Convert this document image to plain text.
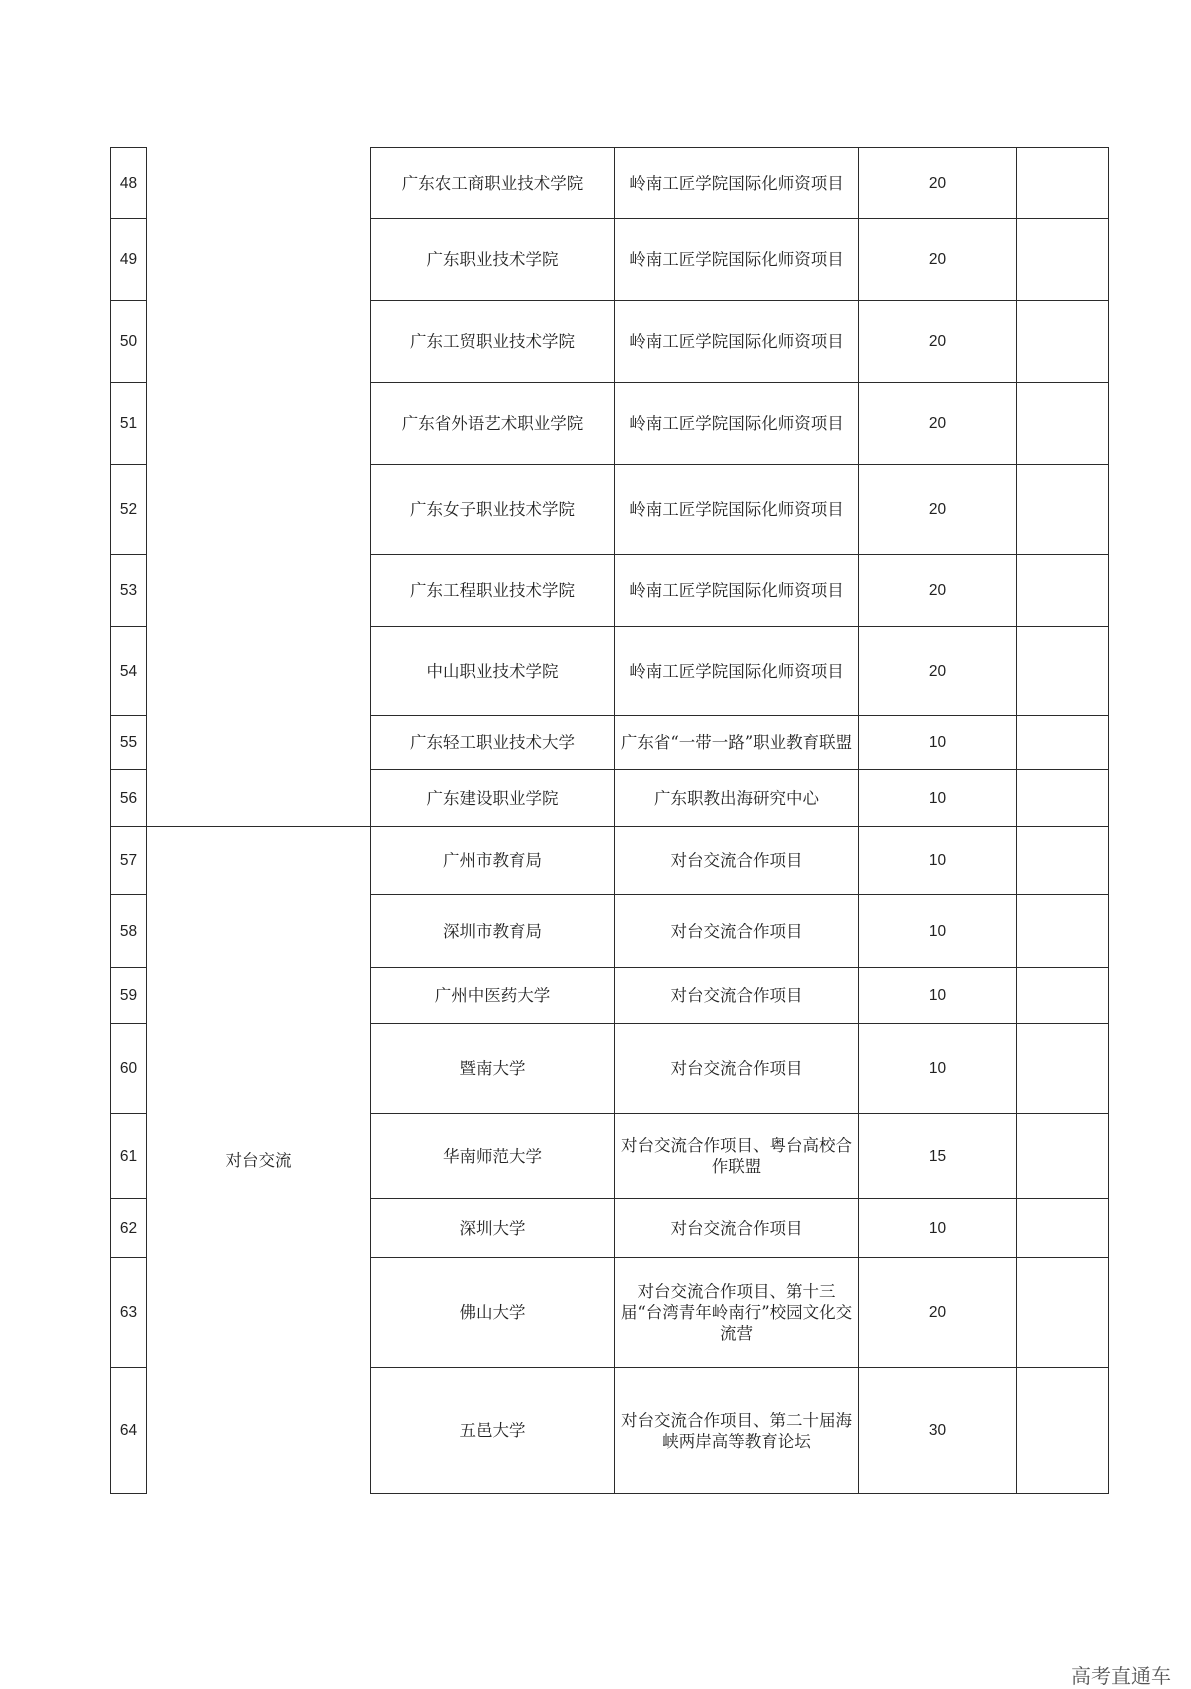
48		广东农工商职业技术学院	岭南工匠学院国际化师资项目	20	
49		广东职业技术学院	岭南工匠学院国际化师资项目	20	
50		广东工贸职业技术学院	岭南工匠学院国际化师资项目	20	
51		广东省外语艺术职业学院	岭南工匠学院国际化师资项目	20	
52		广东女子职业技术学院	岭南工匠学院国际化师资项目	20	
53		广东工程职业技术学院	岭南工匠学院国际化师资项目	20	
54		中山职业技术学院	岭南工匠学院国际化师资项目	20	
55		广东轻工职业技术大学	广东省“一带一路”职业教育联盟	10	
56		广东建设职业学院	广东职教出海研究中心	10	
57	对台交流	广州市教育局	对台交流合作项目	10	
58		深圳市教育局	对台交流合作项目	10	
59		广州中医药大学	对台交流合作项目	10	
60		暨南大学	对台交流合作项目	10	
61		华南师范大学	对台交流合作项目、粤台高校合作联盟	15	
62		深圳大学	对台交流合作项目	10	
63		佛山大学	对台交流合作项目、第十三届“台湾青年岭南行”校园文化交流营	20	
64		五邑大学	对台交流合作项目、第二十届海峡两岸高等教育论坛	30	
高考直通车
